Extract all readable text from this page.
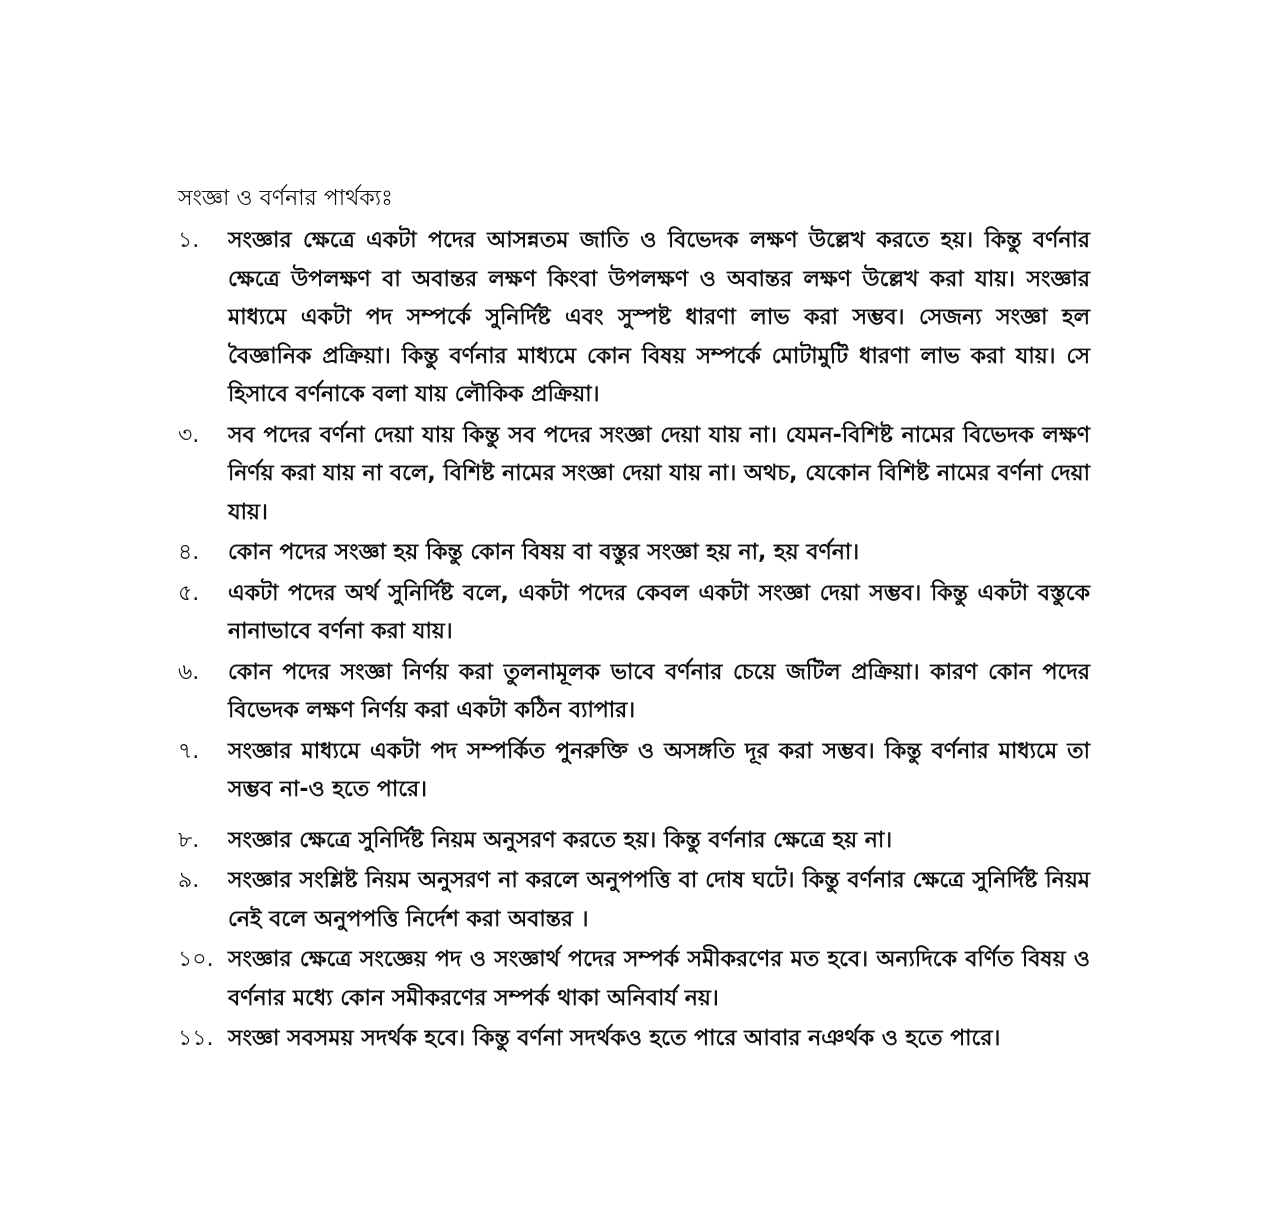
সংজ্ঞা ও বর্ণনার পার্থক্যঃ
১.	সংজ্ঞার ক্ষেত্রে একটা পদের আসন্নতম জাতি ও বিভেদক লক্ষণ উল্লেখ করতে হয়। কিন্তু বর্ণনার ক্ষেত্রে উপলক্ষণ বা অবান্তর লক্ষণ কিংবা উপলক্ষণ ও অবান্তর লক্ষণ উল্লেখ করা যায়। সংজ্ঞার মাধ্যমে একটা পদ সম্পর্কে সুনির্দিষ্ট এবং সুস্পষ্ট ধারণা লাভ করা সম্ভব। সেজন্য সংজ্ঞা হল বৈজ্ঞানিক প্রক্রিয়া। কিন্তু বর্ণনার মাধ্যমে কোন বিষয় সম্পর্কে মোটামুটি ধারণা লাভ করা যায়। সে হিসাবে বর্ণনাকে বলা যায় লৌকিক প্রক্রিয়া।
৩.	সব পদের বর্ণনা দেয়া যায় কিন্তু সব পদের সংজ্ঞা দেয়া যায় না। যেমন-বিশিষ্ট নামের বিভেদক লক্ষণ নির্ণয় করা যায় না বলে, বিশিষ্ট নামের সংজ্ঞা দেয়া যায় না। অথচ, যেকোন বিশিষ্ট নামের বর্ণনা দেয়া যায়।
৪.	কোন পদের সংজ্ঞা হয় কিন্তু কোন বিষয় বা বস্তুর সংজ্ঞা হয় না, হয় বর্ণনা।
৫.	একটা পদের অর্থ সুনির্দিষ্ট বলে, একটা পদের কেবল একটা সংজ্ঞা দেয়া সম্ভব। কিন্তু একটা বস্তুকে নানাভাবে বর্ণনা করা যায়।
৬.	কোন পদের সংজ্ঞা নির্ণয় করা তুলনামূলক ভাবে বর্ণনার চেয়ে জটিল প্রক্রিয়া। কারণ কোন পদের বিভেদক লক্ষণ নির্ণয় করা একটা কঠিন ব্যাপার।
৭.	সংজ্ঞার মাধ্যমে একটা পদ সম্পর্কিত পুনরুক্তি ও অসঙ্গতি দূর করা সম্ভব। কিন্তু বর্ণনার মাধ্যমে তা সম্ভব না-ও হতে পারে।
৮.	সংজ্ঞার ক্ষেত্রে সুনির্দিষ্ট নিয়ম অনুসরণ করতে হয়। কিন্তু বর্ণনার ক্ষেত্রে হয় না।
৯.	সংজ্ঞার সংশ্লিষ্ট নিয়ম অনুসরণ না করলে অনুপপত্তি বা দোষ ঘটে। কিন্তু বর্ণনার ক্ষেত্রে সুনির্দিষ্ট নিয়ম নেই বলে অনুপপত্তি নির্দেশ করা অবান্তর ।
১০. সংজ্ঞার ক্ষেত্রে সংজ্ঞেয় পদ ও সংজ্ঞার্থ পদের সম্পর্ক সমীকরণের মত হবে। অন্যদিকে বর্ণিত বিষয় ও বর্ণনার মধ্যে কোন সমীকরণের সম্পর্ক থাকা অনিবার্য নয়।
১১. সংজ্ঞা সবসময় সদর্থক হবে। কিন্তু বর্ণনা সদর্থকও হতে পারে আবার নঞর্থক ও হতে পারে।
